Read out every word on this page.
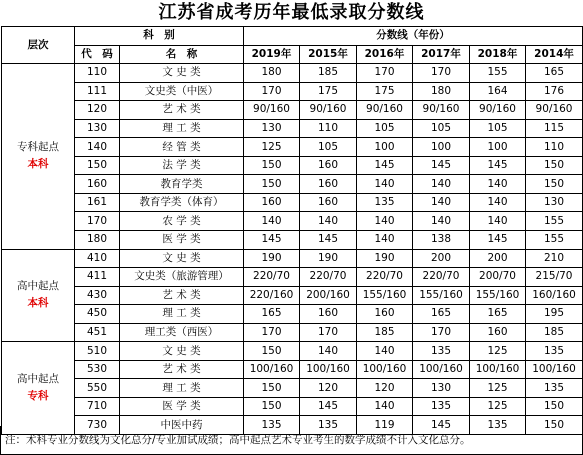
江苏省成考历年最低录取分数线
层次	科　别		分数线（年份）					
	代　码	名　称	2019年	2015年	2016年	2017年	2018年	2014年

专科起点
本科	110	文 史 类	180	185	170	170	155	165
	111	文史类（中医）	170	175	175	180	164	176
	120	艺 术 类	90/160	90/160	90/160	90/160	90/160	90/160
	130	理 工 类	130	110	105	105	105	115
	140	经 管 类	125	105	100	100	100	110
	150	法 学 类	150	160	145	145	145	150
	160	教育学类	150	160	140	140	140	150
	161	教育学类（体育）	160	160	135	140	140	130
	170	农 学 类	140	140	140	140	140	155
	180	医 学 类	145	145	140	138	145	155

高中起点
本科	410	文 史 类	190	190	190	200	200	210
	411	文史类（旅游管理）	220/70	220/70	220/70	220/70	200/70	215/70
	430	艺 术 类	220/160	200/160	155/160	155/160	155/160	160/160
	450	理 工 类	165	160	160	165	165	195
	451	理工类（西医）	170	170	185	170	160	185

高中起点
专科	510	文 史 类	150	140	140	135	125	135
	530	艺 术 类	100/160	100/160	100/160	100/160	100/160	100/160
	550	理 工 类	150	120	120	130	125	135
	710	医 学 类	150	145	140	135	125	150
	730	中医中药	135	135	119	145	135	150
注：术科专业分数线为文化总分/专业加试成绩；高中起点艺术专业考生的数学成绩不计入文化总分。
